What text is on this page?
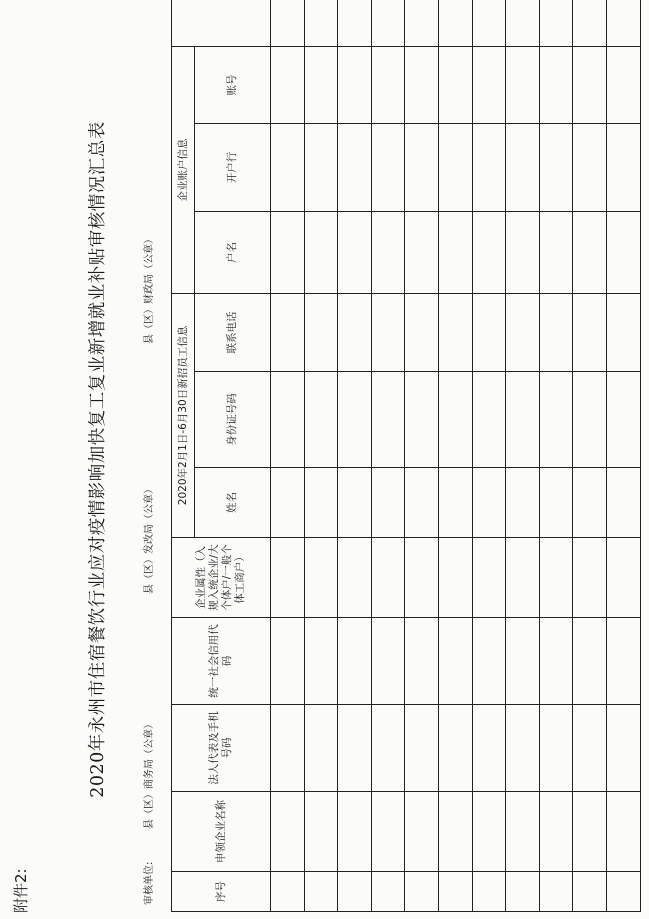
附件2:
2020年永州市住宿餐饮行业应对疫情影响加快复工复业新增就业补贴审核情况汇总表
审核单位:
县（区）商务局（公章）
县（区）发改局（公章）
县（区）财政局（公章）
序号	申领企业名称	法人代表及手机号码	统一社会信用代码	企业属性（入规入统企业/大个体户/一般个体工商户）	2020年2月1日-6月30日新招员工信息			企业账户信息	
					姓名	身份证号码	联系电话	户名	开户行	账号	
